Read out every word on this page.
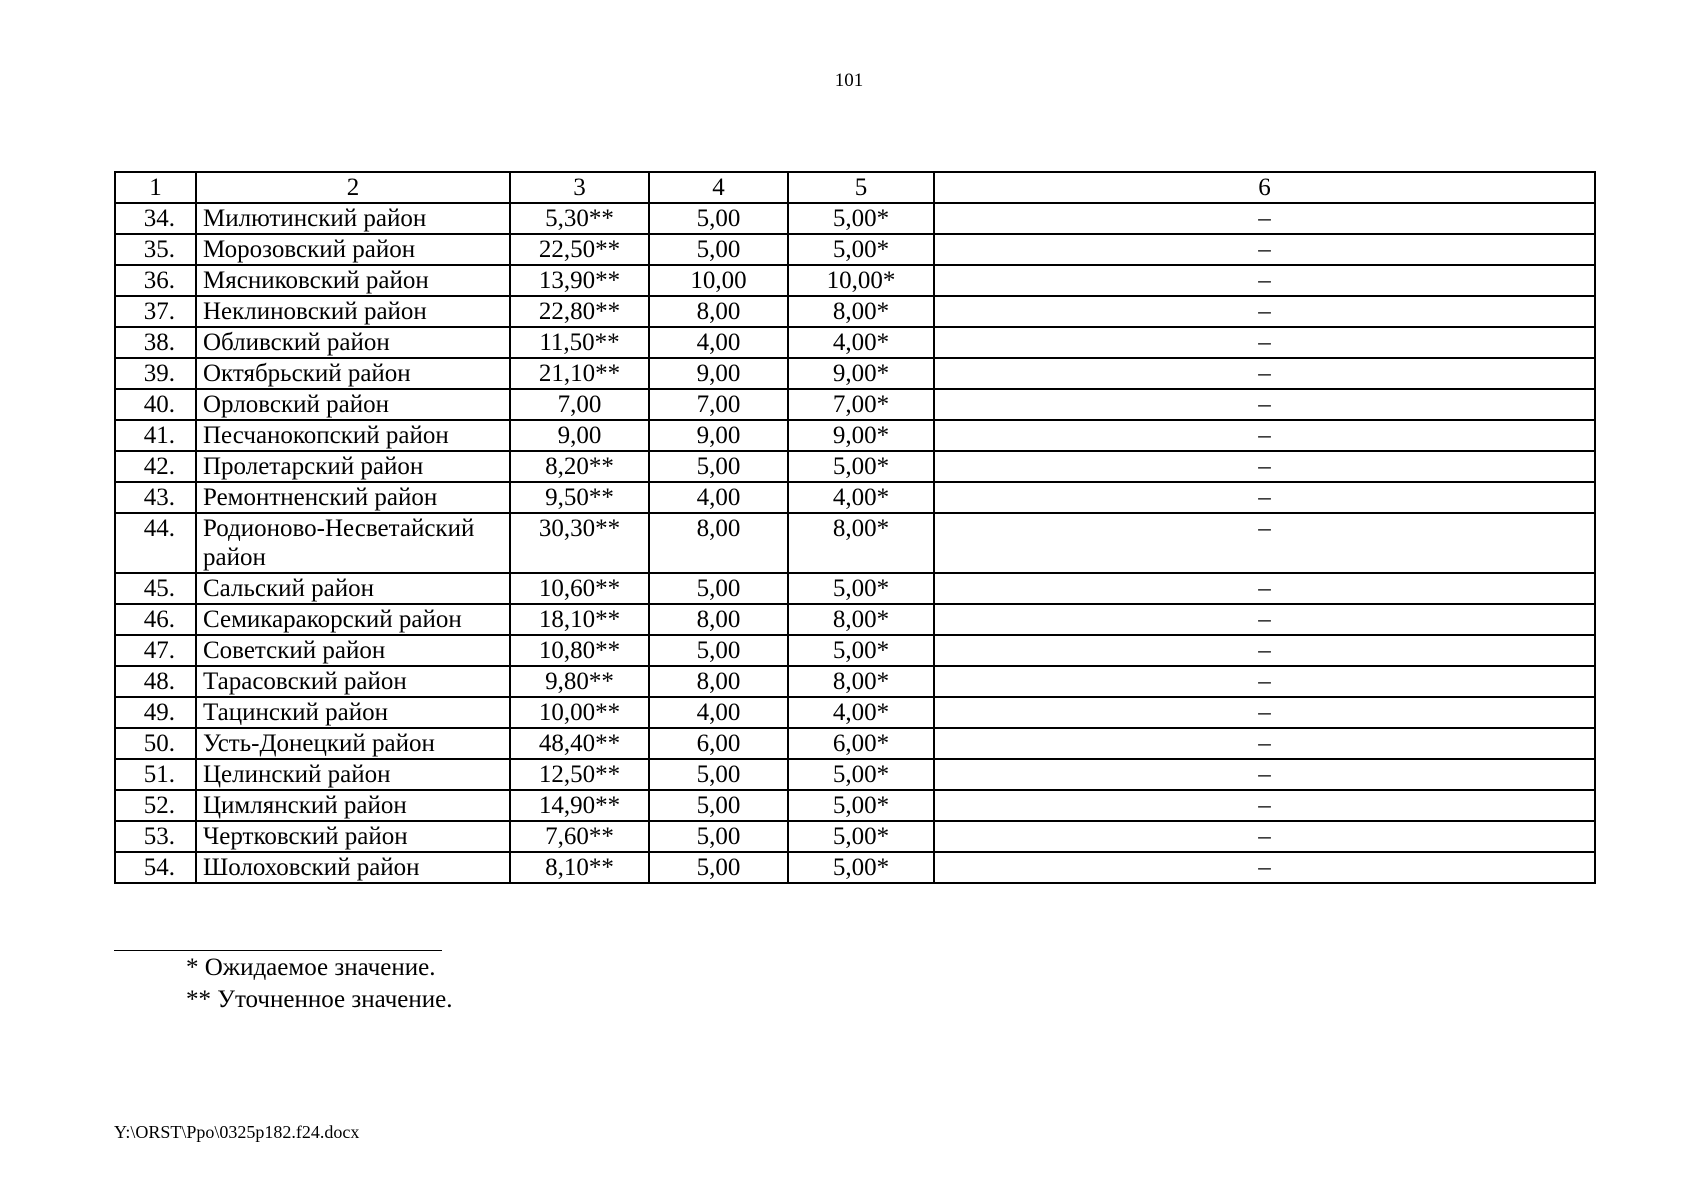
101
1	2	3	4	5	6
34.	Милютинский район	5,30**	5,00	5,00*	–
35.	Морозовский район	22,50**	5,00	5,00*	–
36.	Мясниковский район	13,90**	10,00	10,00*	–
37.	Неклиновский район	22,80**	8,00	8,00*	–
38.	Обливский район	11,50**	4,00	4,00*	–
39.	Октябрьский район	21,10**	9,00	9,00*	–
40.	Орловский район	7,00	7,00	7,00*	–
41.	Песчанокопский район	9,00	9,00	9,00*	–
42.	Пролетарский район	8,20**	5,00	5,00*	–
43.	Ремонтненский район	9,50**	4,00	4,00*	–
44.	Родионово-Несветайский район	30,30**	8,00	8,00*	–
45.	Сальский район	10,60**	5,00	5,00*	–
46.	Семикаракорский район	18,10**	8,00	8,00*	–
47.	Советский район	10,80**	5,00	5,00*	–
48.	Тарасовский район	9,80**	8,00	8,00*	–
49.	Тацинский район	10,00**	4,00	4,00*	–
50.	Усть-Донецкий район	48,40**	6,00	6,00*	–
51.	Целинский район	12,50**	5,00	5,00*	–
52.	Цимлянский район	14,90**	5,00	5,00*	–
53.	Чертковский район	7,60**	5,00	5,00*	–
54.	Шолоховский район	8,10**	5,00	5,00*	–
* Ожидаемое значение.
** Уточненное значение.
Y:\ORST\Ppo\0325p182.f24.docx
